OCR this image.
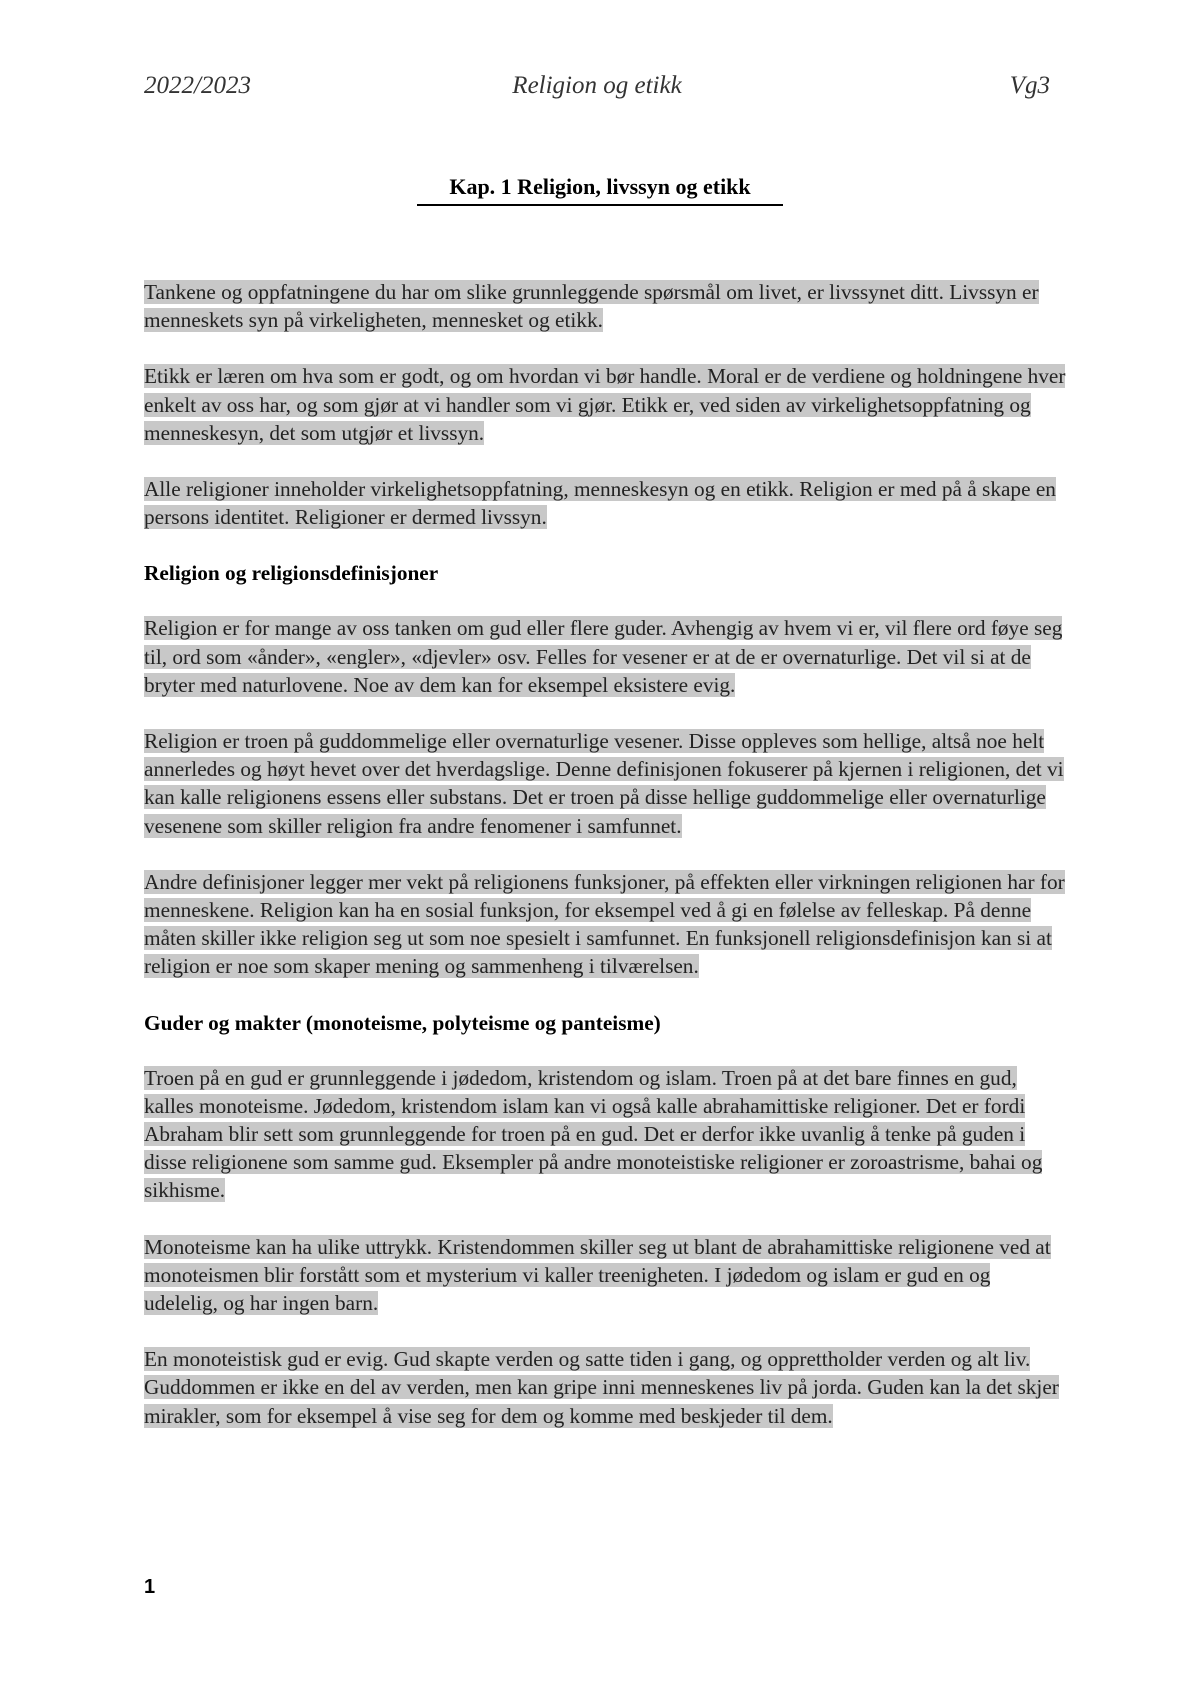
2022/2023	Religion og etikk	Vg3
Kap. 1 Religion, livssyn og etikk

Tankene og oppfatningene du har om slike grunnleggende spørsmål om livet, er livssynet ditt. Livssyn er menneskets syn på virkeligheten, mennesket og etikk.

Etikk er læren om hva som er godt, og om hvordan vi bør handle. Moral er de verdiene og holdningene hver enkelt av oss har, og som gjør at vi handler som vi gjør. Etikk er, ved siden av virkelighetsoppfatning og menneskesyn, det som utgjør et livssyn.

Alle religioner inneholder virkelighetsoppfatning, menneskesyn og en etikk. Religion er med på å skape en persons identitet. Religioner er dermed livssyn.

Religion og religionsdefinisjoner

Religion er for mange av oss tanken om gud eller flere guder. Avhengig av hvem vi er, vil flere ord føye seg til, ord som «ånder», «engler», «djevler» osv. Felles for vesener er at de er overnaturlige. Det vil si at de bryter med naturlovene. Noe av dem kan for eksempel eksistere evig.

Religion er troen på guddommelige eller overnaturlige vesener. Disse oppleves som hellige, altså noe helt annerledes og høyt hevet over det hverdagslige. Denne definisjonen fokuserer på kjernen i religionen, det vi kan kalle religionens essens eller substans. Det er troen på disse hellige guddommelige eller overnaturlige vesenene som skiller religion fra andre fenomener i samfunnet.

Andre definisjoner legger mer vekt på religionens funksjoner, på effekten eller virkningen religionen har for menneskene. Religion kan ha en sosial funksjon, for eksempel ved å gi en følelse av felleskap. På denne måten skiller ikke religion seg ut som noe spesielt i samfunnet. En funksjonell religionsdefinisjon kan si at religion er noe som skaper mening og sammenheng i tilværelsen.

Guder og makter (monoteisme, polyteisme og panteisme)

Troen på en gud er grunnleggende i jødedom, kristendom og islam. Troen på at det bare finnes en gud, kalles monoteisme. Jødedom, kristendom islam kan vi også kalle abrahamittiske religioner. Det er fordi Abraham blir sett som grunnleggende for troen på en gud. Det er derfor ikke uvanlig å tenke på guden i disse religionene som samme gud. Eksempler på andre monoteistiske religioner er zoroastrisme, bahai og sikhisme.

Monoteisme kan ha ulike uttrykk. Kristendommen skiller seg ut blant de abrahamittiske religionene ved at monoteismen blir forstått som et mysterium vi kaller treenigheten. I jødedom og islam er gud en og udelelig, og har ingen barn.

En monoteistisk gud er evig. Gud skapte verden og satte tiden i gang, og opprettholder verden og alt liv. Guddommen er ikke en del av verden, men kan gripe inni menneskenes liv på jorda. Guden kan la det skjer mirakler, som for eksempel å vise seg for dem og komme med beskjeder til dem.

1
